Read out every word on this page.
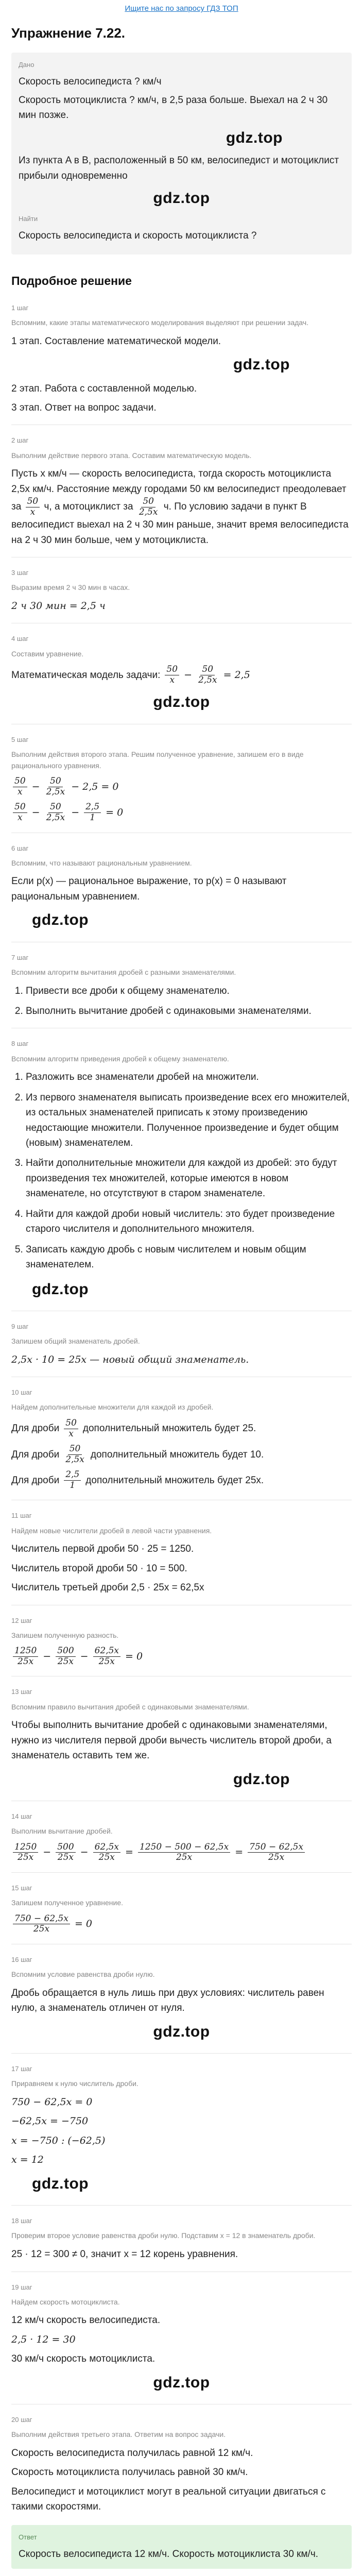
Ищите нас по запросу ГДЗ ТОП
Упражнение 7.22.
Дано
Скорость велосипедиста ? км/ч
Скорость мотоциклиста ? км/ч, в 2,5 раза больше. Выехал на 2 ч 30 мин позже.
gdz.top
Из пункта A в B, расположенный в 50 км, велосипедист и мотоциклист прибыли одновременно
gdz.top
Найти
Скорость велосипедиста и скорость мотоциклиста ?
Подробное решение
1 шаг
Вспомним, какие этапы математического моделирования выделяют при решении задач.
1 этап. Составление математической модели.
gdz.top
2 этап. Работа с составленной моделью.
3 этап. Ответ на вопрос задачи.
2 шаг
Выполним действие первого этапа. Составим математическую модель.
Пусть x км/ч — скорость велосипедиста, тогда скорость мотоциклиста 2,5x км/ч. Расстояние между городами 50 км велосипедист преодолевает за $\frac{50}{x} ч$, а мотоциклист за $\frac{50}{2,5x} ч$. По условию задачи в пункт B велосипедист выехал на 2 ч 30 мин раньше, значит время велосипедиста на 2 ч 30 мин больше, чем у мотоциклиста.
3 шаг
Выразим время 2 ч 30 мин в часах.
2 ч 30 мин = 2,5 ч
4 шаг
Составим уравнение.
Математическая модель задачи: $\frac{50}{x} - \frac{50}{2,5x} = 2,5$
gdz.top
5 шаг
Выполним действия второго этапа. Решим полученное уравнение, запишем его в виде рационального уравнения.
$\frac{50}{x} - \frac{50}{2,5x} - 2,5 = 0$
$\frac{50}{x} - \frac{50}{2,5x} - \frac{2,5}{1} = 0$
6 шаг
Вспомним, что называют рациональным уравнением.
Если p(x) — рациональное выражение, то p(x) = 0 называют рациональным уравнением.
gdz.top
7 шаг
Вспомним алгоритм вычитания дробей с разными знаменателями.
1. Привести все дроби к общему знаменателю.
2. Выполнить вычитание дробей с одинаковыми знаменателями.
8 шаг
Вспомним алгоритм приведения дробей к общему знаменателю.
1. Разложить все знаменатели дробей на множители.
2. Из первого знаменателя выписать произведение всех его множителей, из остальных знаменателей приписать к этому произведению недостающие множители. Полученное произведение и будет общим (новым) знаменателем.
3. Найти дополнительные множители для каждой из дробей: это будут произведения тех множителей, которые имеются в новом знаменателе, но отсутствуют в старом знаменателе.
4. Найти для каждой дроби новый числитель: это будет произведение старого числителя и дополнительного множителя.
5. Записать каждую дробь с новым числителем и новым общим знаменателем.
gdz.top
9 шаг
Запишем общий знаменатель дробей.
2,5x · 10 = 25x — новый общий знаменатель.
10 шаг
Найдем дополнительные множители для каждой из дробей.
Для дроби $\frac{50}{x}$ дополнительный множитель будет 25.
Для дроби $\frac{50}{2,5x}$ дополнительный множитель будет 10.
Для дроби $\frac{2,5}{1}$ дополнительный множитель будет 25x.
11 шаг
Найдем новые числители дробей в левой части уравнения.
Числитель первой дроби 50 · 25 = 1250.
Числитель второй дроби 50 · 10 = 500.
Числитель третьей дроби 2,5 · 25x = 62,5x
12 шаг
Запишем полученную разность.
$\frac{1250}{25x} - \frac{500}{25x} - \frac{62,5x}{25x} = 0$
13 шаг
Вспомним правило вычитания дробей с одинаковыми знаменателями.
Чтобы выполнить вычитание дробей с одинаковыми знаменателями, нужно из числителя первой дроби вычесть числитель второй дроби, а знаменатель оставить тем же.
gdz.top
14 шаг
Выполним вычитание дробей.
$\frac{1250}{25x} - \frac{500}{25x} - \frac{62,5x}{25x} = \frac{1250 - 500 - 62,5x}{25x} = \frac{750 - 62,5x}{25x}$
15 шаг
Запишем полученное уравнение.
$\frac{750 - 62,5x}{25x} = 0$
16 шаг
Вспомним условие равенства дроби нулю.
Дробь обращается в нуль лишь при двух условиях: числитель равен нулю, а знаменатель отличен от нуля.
gdz.top
17 шаг
Приравняем к нулю числитель дроби.
750 − 62,5x = 0
−62,5x = −750
x = −750 : (−62,5)
x = 12
gdz.top
18 шаг
Проверим второе условие равенства дроби нулю. Подставим x = 12 в знаменатель дроби.
25 · 12 = 300 ≠ 0, значит x = 12 корень уравнения.
19 шаг
Найдем скорость мотоциклиста.
12 км/ч скорость велосипедиста.
2,5 · 12 = 30
30 км/ч скорость мотоциклиста.
gdz.top
20 шаг
Выполним действия третьего этапа. Ответим на вопрос задачи.
Скорость велосипедиста получилась равной 12 км/ч.
Скорость мотоциклиста получилась равной 30 км/ч.
Велосипедист и мотоциклист могут в реальной ситуации двигаться с такими скоростями.
Ответ
Скорость велосипедиста 12 км/ч. Скорость мотоциклиста 30 км/ч.
